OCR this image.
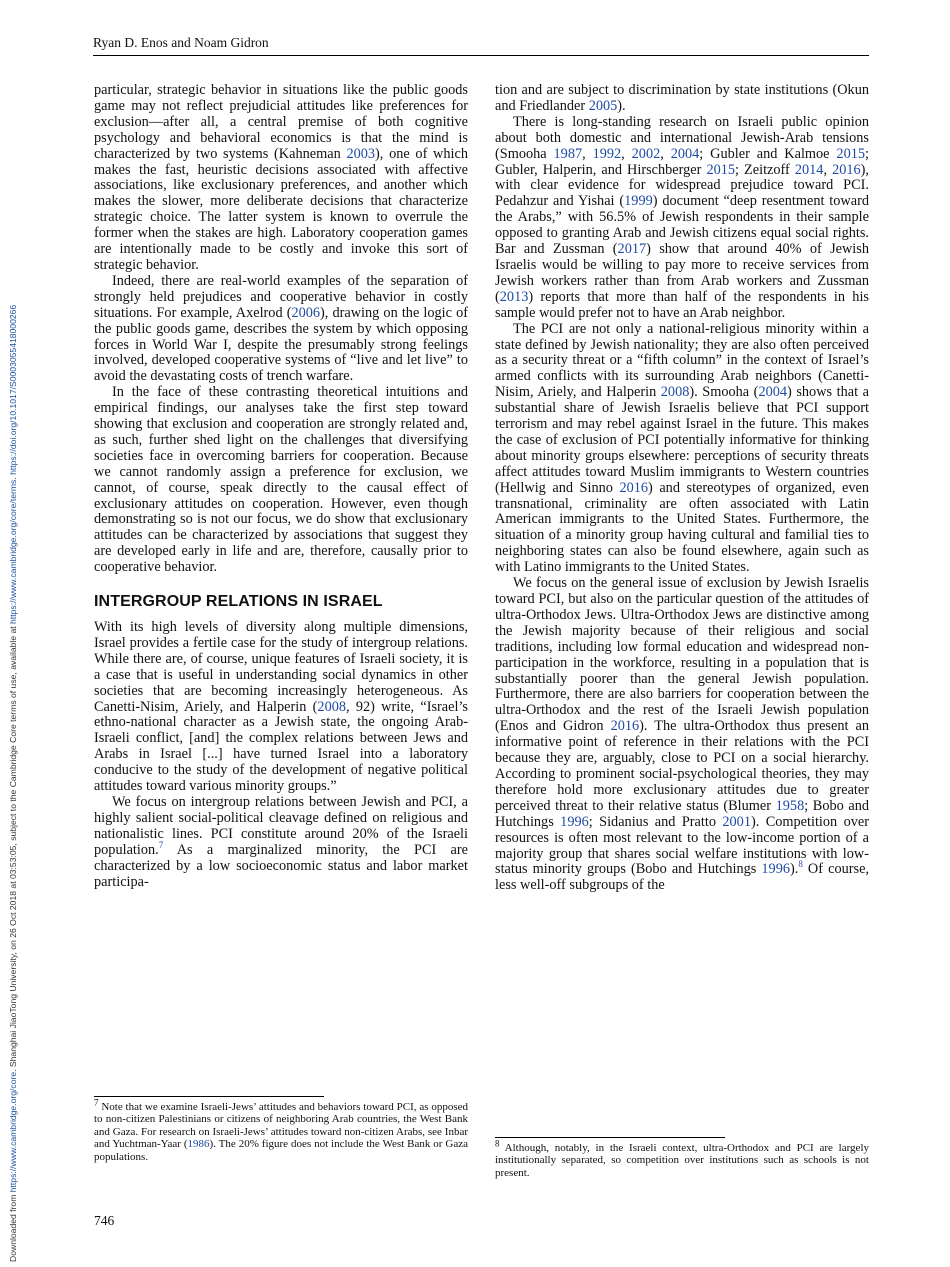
Downloaded from https://www.cambridge.org/core. Shanghai JiaoTong University, on 26 Oct 2018 at 03:53:05, subject to the Cambridge Core terms of use, available at https://www.cambridge.org/core/terms. https://doi.org/10.1017/S0003055418000266
Ryan D. Enos and Noam Gidron

particular, strategic behavior in situations like the public goods game may not reflect prejudicial attitudes like preferences for exclusion—after all, a central premise of both cognitive psychology and behavioral economics is that the mind is characterized by two systems (Kahneman 2003), one of which makes the fast, heuristic decisions associated with affective associations, like exclusionary preferences, and another which makes the slower, more deliberate decisions that characterize strategic choice. The latter system is known to overrule the former when the stakes are high. Laboratory cooperation games are intentionally made to be costly and invoke this sort of strategic behavior.

Indeed, there are real-world examples of the separation of strongly held prejudices and cooperative behavior in costly situations. For example, Axelrod (2006), drawing on the logic of the public goods game, describes the system by which opposing forces in World War I, despite the presumably strong feelings involved, developed cooperative systems of “live and let live” to avoid the devastating costs of trench warfare.

In the face of these contrasting theoretical intuitions and empirical findings, our analyses take the first step toward showing that exclusion and cooperation are strongly related and, as such, further shed light on the challenges that diversifying societies face in overcoming barriers for cooperation. Because we cannot randomly assign a preference for exclusion, we cannot, of course, speak directly to the causal effect of exclusionary attitudes on cooperation. However, even though demonstrating so is not our focus, we do show that exclusionary attitudes can be characterized by associations that suggest they are developed early in life and are, therefore, causally prior to cooperative behavior.

INTERGROUP RELATIONS IN ISRAEL

With its high levels of diversity along multiple dimensions, Israel provides a fertile case for the study of intergroup relations. While there are, of course, unique features of Israeli society, it is a case that is useful in understanding social dynamics in other societies that are becoming increasingly heterogeneous. As Canetti-Nisim, Ariely, and Halperin (2008, 92) write, “Israel’s ethno-national character as a Jewish state, the ongoing Arab-Israeli conflict, [and] the complex relations between Jews and Arabs in Israel [...] have turned Israel into a laboratory conducive to the study of the development of negative political attitudes toward various minority groups.”

We focus on intergroup relations between Jewish and PCI, a highly salient social-political cleavage defined on religious and nationalistic lines. PCI constitute around 20% of the Israeli population.$^7$ As a marginalized minority, the PCI are characterized by a low socioeconomic status and labor market participa-

tion and are subject to discrimination by state institutions (Okun and Friedlander 2005).

There is long-standing research on Israeli public opinion about both domestic and international Jewish-Arab tensions (Smooha 1987, 1992, 2002, 2004; Gubler and Kalmoe 2015; Gubler, Halperin, and Hirschberger 2015; Zeitzoff 2014, 2016), with clear evidence for widespread prejudice toward PCI. Pedahzur and Yishai (1999) document “deep resentment toward the Arabs,” with 56.5% of Jewish respondents in their sample opposed to granting Arab and Jewish citizens equal social rights. Bar and Zussman (2017) show that around 40% of Jewish Israelis would be willing to pay more to receive services from Jewish workers rather than from Arab workers and Zussman (2013) reports that more than half of the respondents in his sample would prefer not to have an Arab neighbor.

The PCI are not only a national-religious minority within a state defined by Jewish nationality; they are also often perceived as a security threat or a “fifth column” in the context of Israel’s armed conflicts with its surrounding Arab neighbors (Canetti-Nisim, Ariely, and Halperin 2008). Smooha (2004) shows that a substantial share of Jewish Israelis believe that PCI support terrorism and may rebel against Israel in the future. This makes the case of exclusion of PCI potentially informative for thinking about minority groups elsewhere: perceptions of security threats affect attitudes toward Muslim immigrants to Western countries (Hellwig and Sinno 2016) and stereotypes of organized, even transnational, criminality are often associated with Latin American immigrants to the United States. Furthermore, the situation of a minority group having cultural and familial ties to neighboring states can also be found elsewhere, again such as with Latino immigrants to the United States.

We focus on the general issue of exclusion by Jewish Israelis toward PCI, but also on the particular question of the attitudes of ultra-Orthodox Jews. Ultra-Orthodox Jews are distinctive among the Jewish majority because of their religious and social traditions, including low formal education and widespread non-participation in the workforce, resulting in a population that is substantially poorer than the general Jewish population. Furthermore, there are also barriers for cooperation between the ultra-Orthodox and the rest of the Israeli Jewish population (Enos and Gidron 2016). The ultra-Orthodox thus present an informative point of reference in their relations with the PCI because they are, arguably, close to PCI on a social hierarchy. According to prominent social-psychological theories, they may therefore hold more exclusionary attitudes due to greater perceived threat to their relative status (Blumer 1958; Bobo and Hutchings 1996; Sidanius and Pratto 2001). Competition over resources is often most relevant to the low-income portion of a majority group that shares social welfare institutions with low-status minority groups (Bobo and Hutchings 1996).$^8$ Of course, less well-off subgroups of the

$^7$ Note that we examine Israeli-Jews’ attitudes and behaviors toward PCI, as opposed to non-citizen Palestinians or citizens of neighboring Arab countries, the West Bank and Gaza. For research on Israeli-Jews’ attitudes toward non-citizen Arabs, see Inbar and Yuchtman-Yaar (1986). The 20% figure does not include the West Bank or Gaza populations.
$^8$ Although, notably, in the Israeli context, ultra-Orthodox and PCI are largely institutionally separated, so competition over institutions such as schools is not present.
746
